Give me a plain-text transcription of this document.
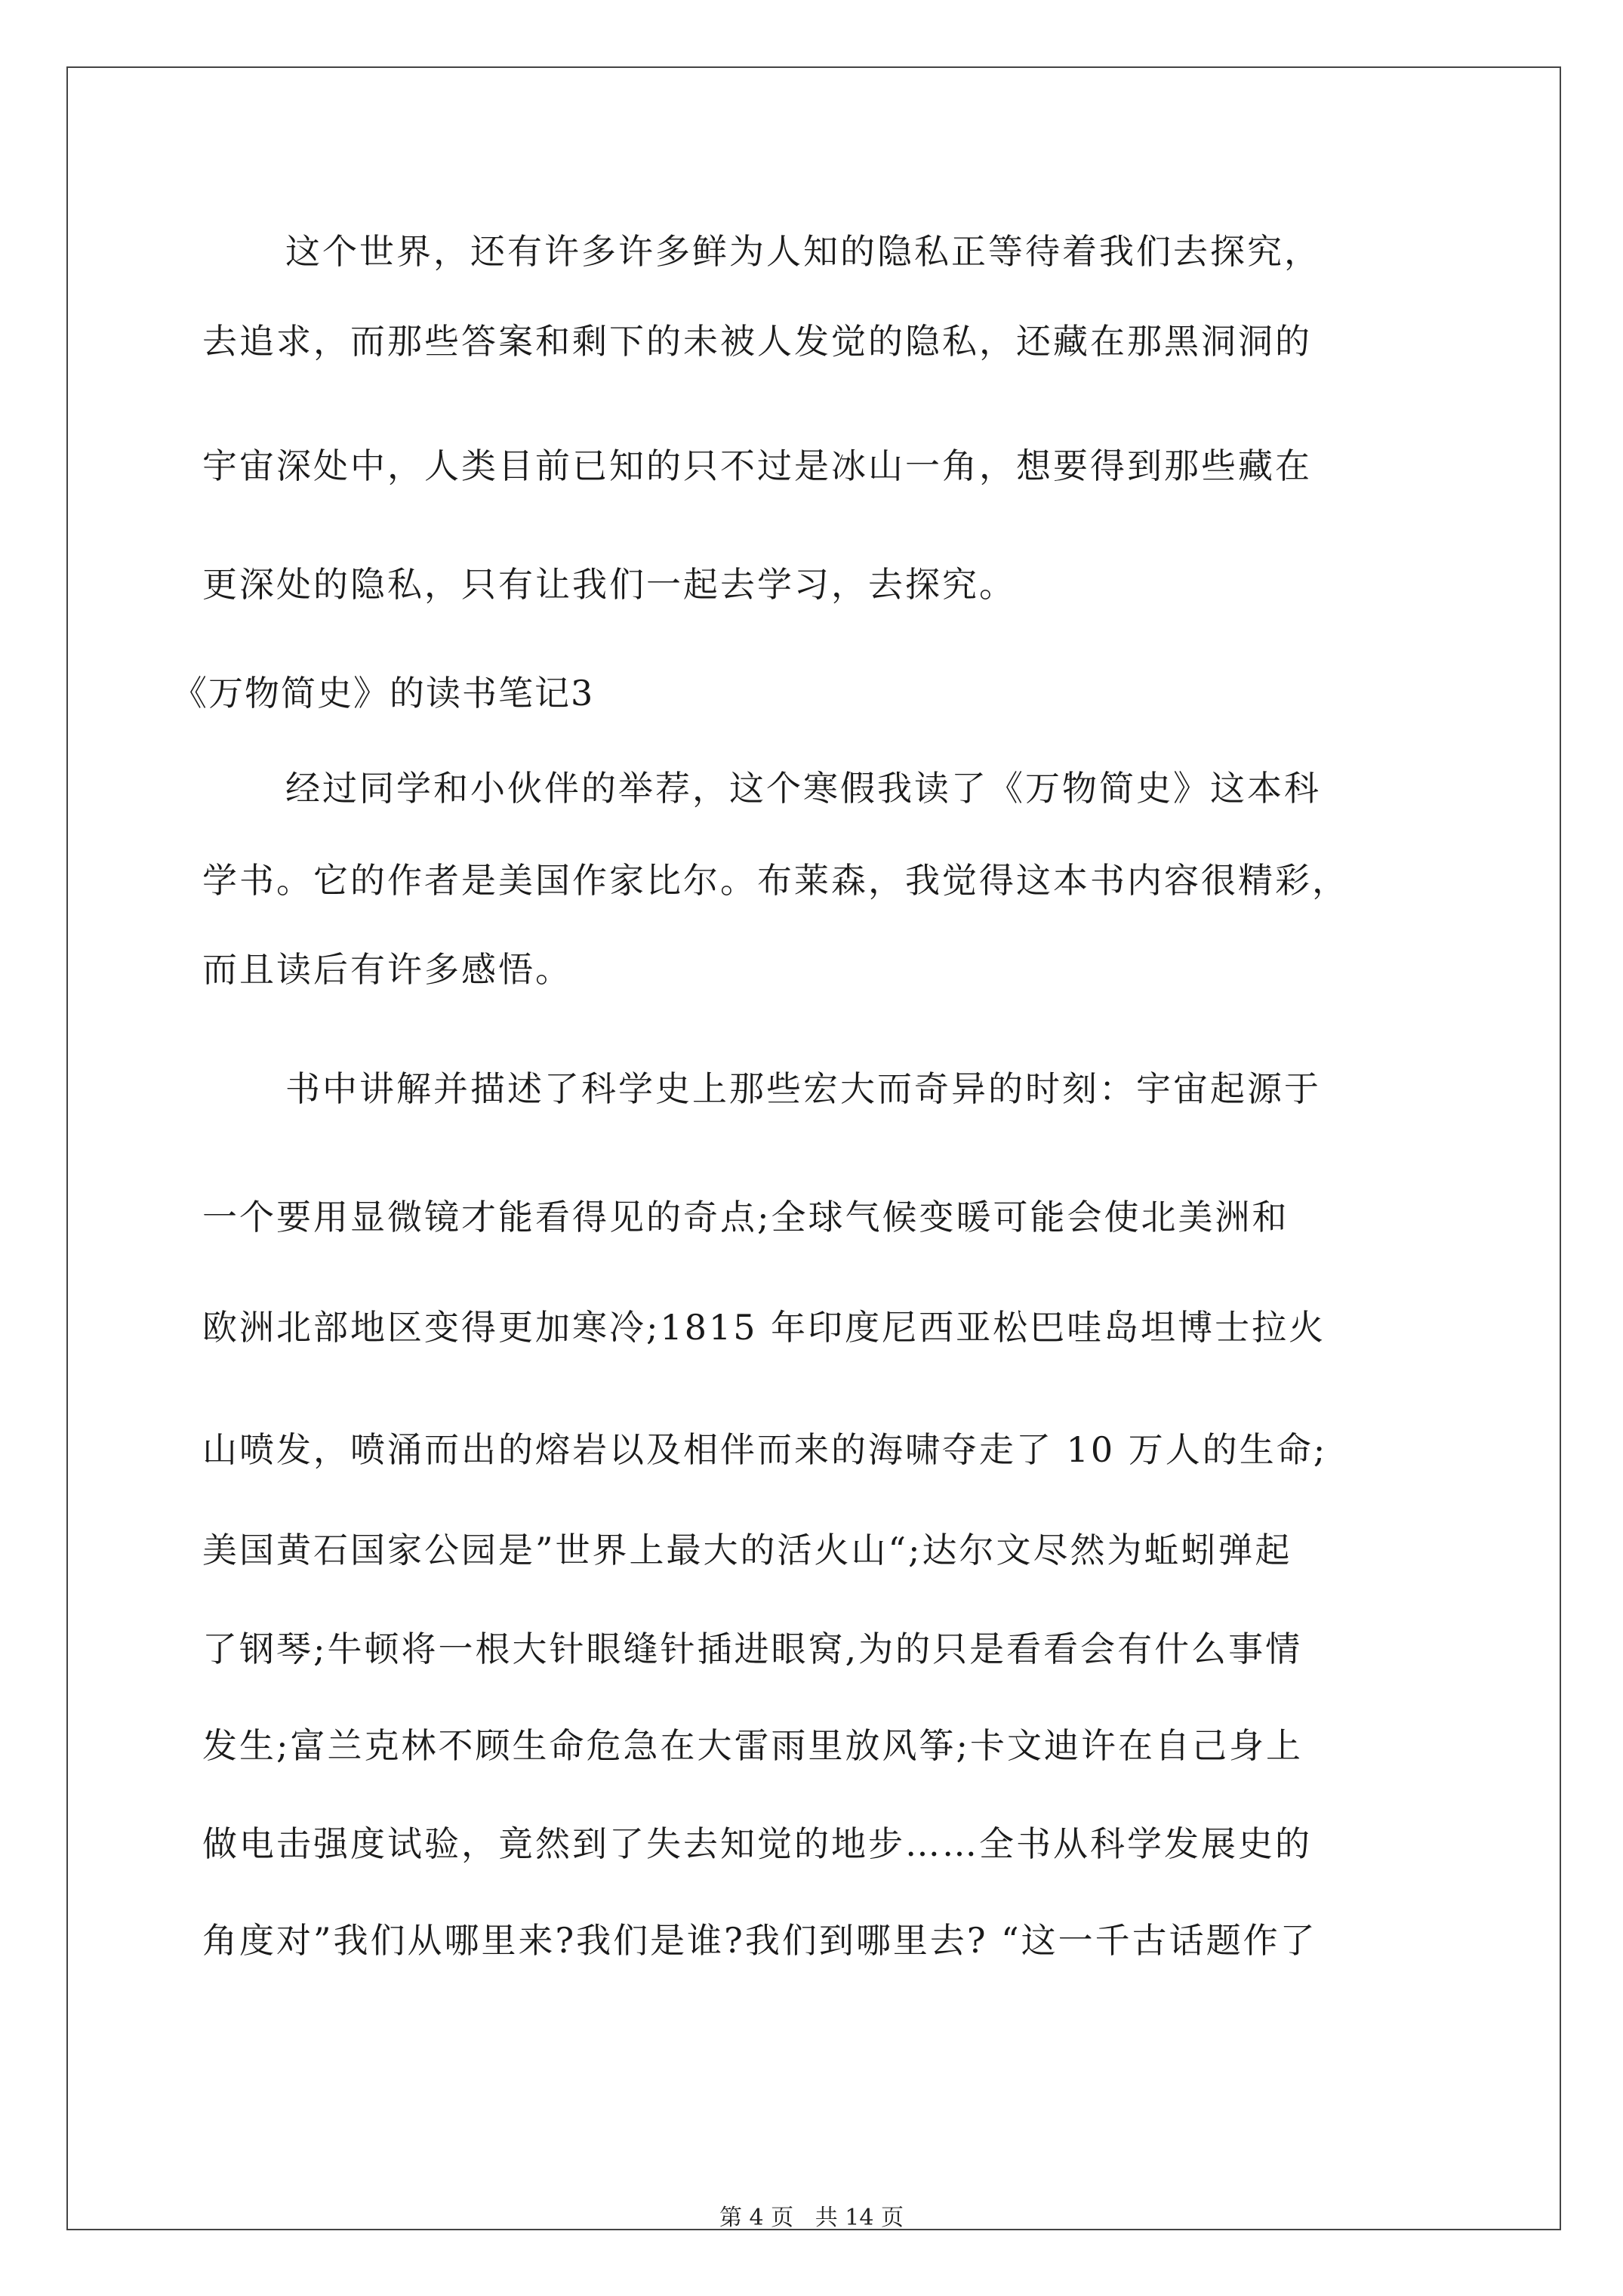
这个世界，还有许多许多鲜为人知的隐私正等待着我们去探究，

去追求，而那些答案和剩下的未被人发觉的隐私，还藏在那黑洞洞的

宇宙深处中，人类目前已知的只不过是冰山一角，想要得到那些藏在

更深处的隐私，只有让我们一起去学习，去探究。

《万物简史》的读书笔记3

经过同学和小伙伴的举荐，这个寒假我读了《万物简史》这本科

学书。它的作者是美国作家比尔。布莱森，我觉得这本书内容很精彩，

而且读后有许多感悟。

书中讲解并描述了科学史上那些宏大而奇异的时刻：宇宙起源于

一个要用显微镜才能看得见的奇点;全球气候变暖可能会使北美洲和

欧洲北部地区变得更加寒冷;1815 年印度尼西亚松巴哇岛坦博士拉火

山喷发，喷涌而出的熔岩以及相伴而来的海啸夺走了 10 万人的生命;

美国黄石国家公园是”世界上最大的活火山“;达尔文尽然为蚯蚓弹起

了钢琴;牛顿将一根大针眼缝针插进眼窝,为的只是看看会有什么事情

发生;富兰克林不顾生命危急在大雷雨里放风筝;卡文迪许在自己身上

做电击强度试验，竟然到了失去知觉的地步……全书从科学发展史的

角度对”我们从哪里来?我们是谁?我们到哪里去? “这一千古话题作了

第 4 页   共 14 页
